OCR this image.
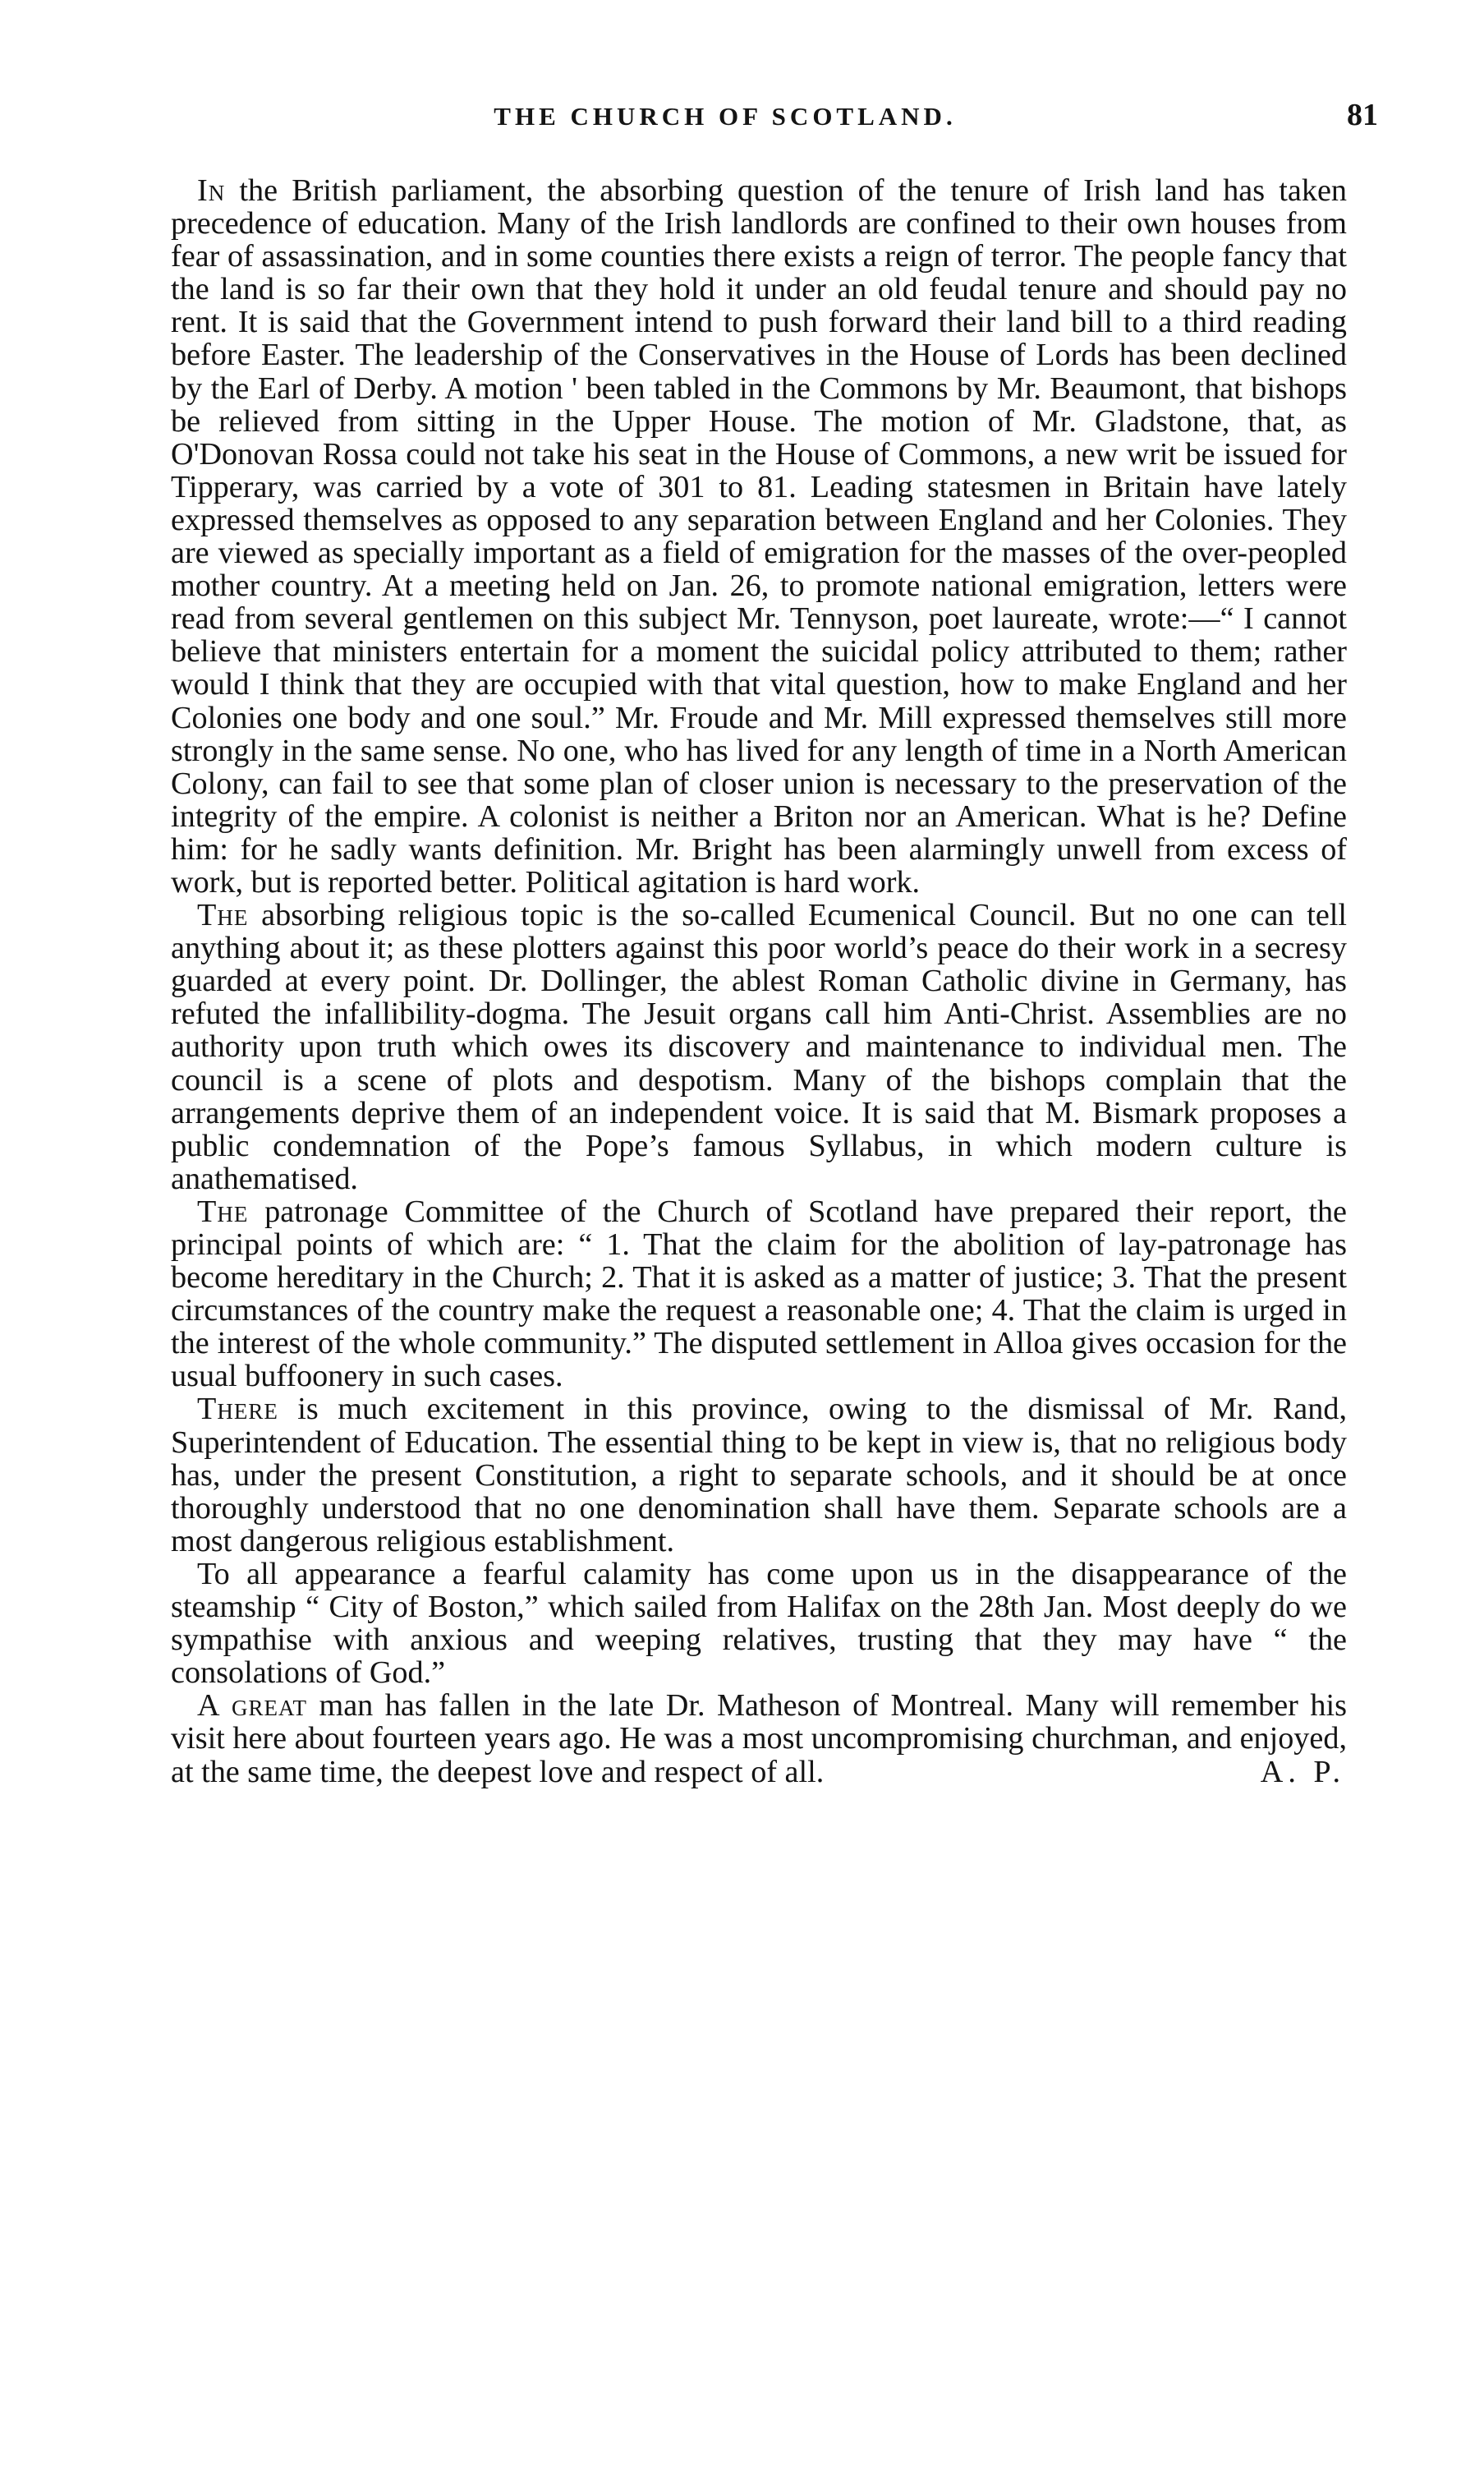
THE CHURCH OF SCOTLAND.	81

In the British parliament, the absorbing question of the tenure of Irish land has taken precedence of education. Many of the Irish landlords are confined to their own houses from fear of assassination, and in some counties there exists a reign of terror. The people fancy that the land is so far their own that they hold it under an old feudal tenure and should pay no rent. It is said that the Government intend to push forward their land bill to a third reading before Easter. The leadership of the Conservatives in the House of Lords has been declined by the Earl of Derby. A motion ' been tabled in the Commons by Mr. Beaumont, that bishops be relieved from sitting in the Upper House. The motion of Mr. Gladstone, that, as O'Donovan Rossa could not take his seat in the House of Commons, a new writ be issued for Tipperary, was carried by a vote of 301 to 81. Leading statesmen in Britain have lately expressed themselves as opposed to any separation between England and her Colonies. They are viewed as specially important as a field of emigration for the masses of the over-peopled mother country. At a meeting held on Jan. 26, to promote national emigration, letters were read from several gentlemen on this subject Mr. Tennyson, poet laureate, wrote:—“ I cannot believe that ministers entertain for a moment the suicidal policy attributed to them; rather would I think that they are occupied with that vital question, how to make England and her Colonies one body and one soul.” Mr. Froude and Mr. Mill expressed themselves still more strongly in the same sense. No one, who has lived for any length of time in a North American Colony, can fail to see that some plan of closer union is necessary to the preservation of the integrity of the empire. A colonist is neither a Briton nor an American. What is he? Define him: for he sadly wants definition. Mr. Bright has been alarmingly unwell from excess of work, but is reported better. Political agitation is hard work.

The absorbing religious topic is the so-called Ecumenical Council. But no one can tell anything about it; as these plotters against this poor world’s peace do their work in a secresy guarded at every point. Dr. Dollinger, the ablest Roman Catholic divine in Germany, has refuted the infallibility-dogma. The Jesuit organs call him Anti-Christ. Assemblies are no authority upon truth which owes its discovery and maintenance to individual men. The council is a scene of plots and despotism. Many of the bishops complain that the arrangements deprive them of an independent voice. It is said that M. Bismark proposes a public condemnation of the Pope’s famous Syllabus, in which modern culture is anathematised.

The patronage Committee of the Church of Scotland have prepared their report, the principal points of which are: “ 1. That the claim for the abolition of lay-patronage has become hereditary in the Church; 2. That it is asked as a matter of justice; 3. That the present circumstances of the country make the request a reasonable one; 4. That the claim is urged in the interest of the whole community.” The disputed settlement in Alloa gives occasion for the usual buffoonery in such cases.

There is much excitement in this province, owing to the dismissal of Mr. Rand, Superintendent of Education. The essential thing to be kept in view is, that no religious body has, under the present Constitution, a right to separate schools, and it should be at once thoroughly understood that no one denomination shall have them. Separate schools are a most dangerous religious establishment.

To all appearance a fearful calamity has come upon us in the disappearance of the steamship “ City of Boston,” which sailed from Halifax on the 28th Jan. Most deeply do we sympathise with anxious and weeping relatives, trusting that they may have “ the consolations of God.”

A great man has fallen in the late Dr. Matheson of Montreal. Many will remember his visit here about fourteen years ago. He was a most uncompromising churchman, and enjoyed, at the same time, the deepest love and respect of all.	A. P.
